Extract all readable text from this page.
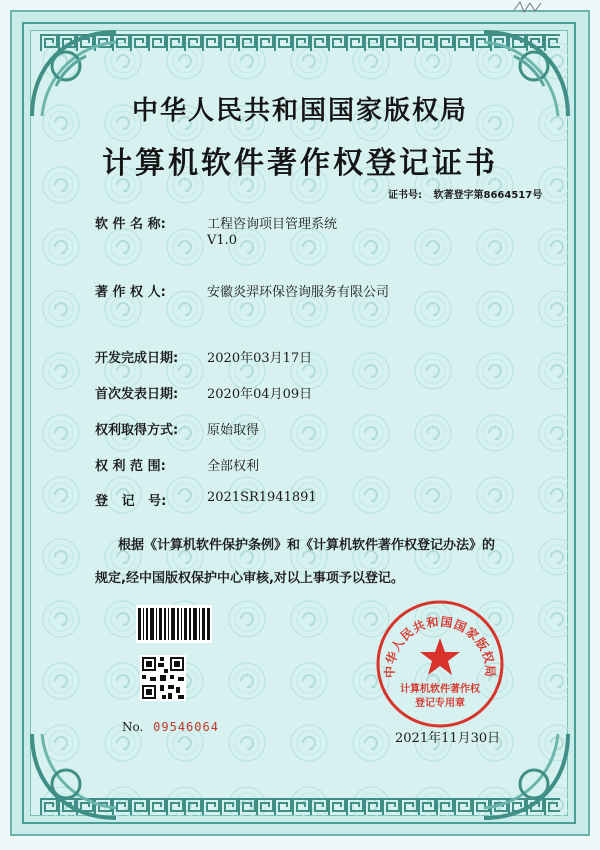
中华人民共和国国家版权局
计算机软件著作权登记证书
证书号: 软著登字第8664517号
软 件 名 称:	工程咨询项目管理系统
V1.0
著 作 权 人:	安徽炎羿环保咨询服务有限公司
开发完成日期: 2020年03月17日
首次发表日期: 2020年04月09日
权利取得方式: 原始取得
权 利 范 围:	全部权利
登   记   号:	2021SR1941891
根据《计算机软件保护条例》和《计算机软件著作权登记办法》的
规定,经中国版权保护中心审核,对以上事项予以登记。
No. 09546064
中华人民共和国国家版权局
计算机软件著作权
登记专用章
2021年11月30日
